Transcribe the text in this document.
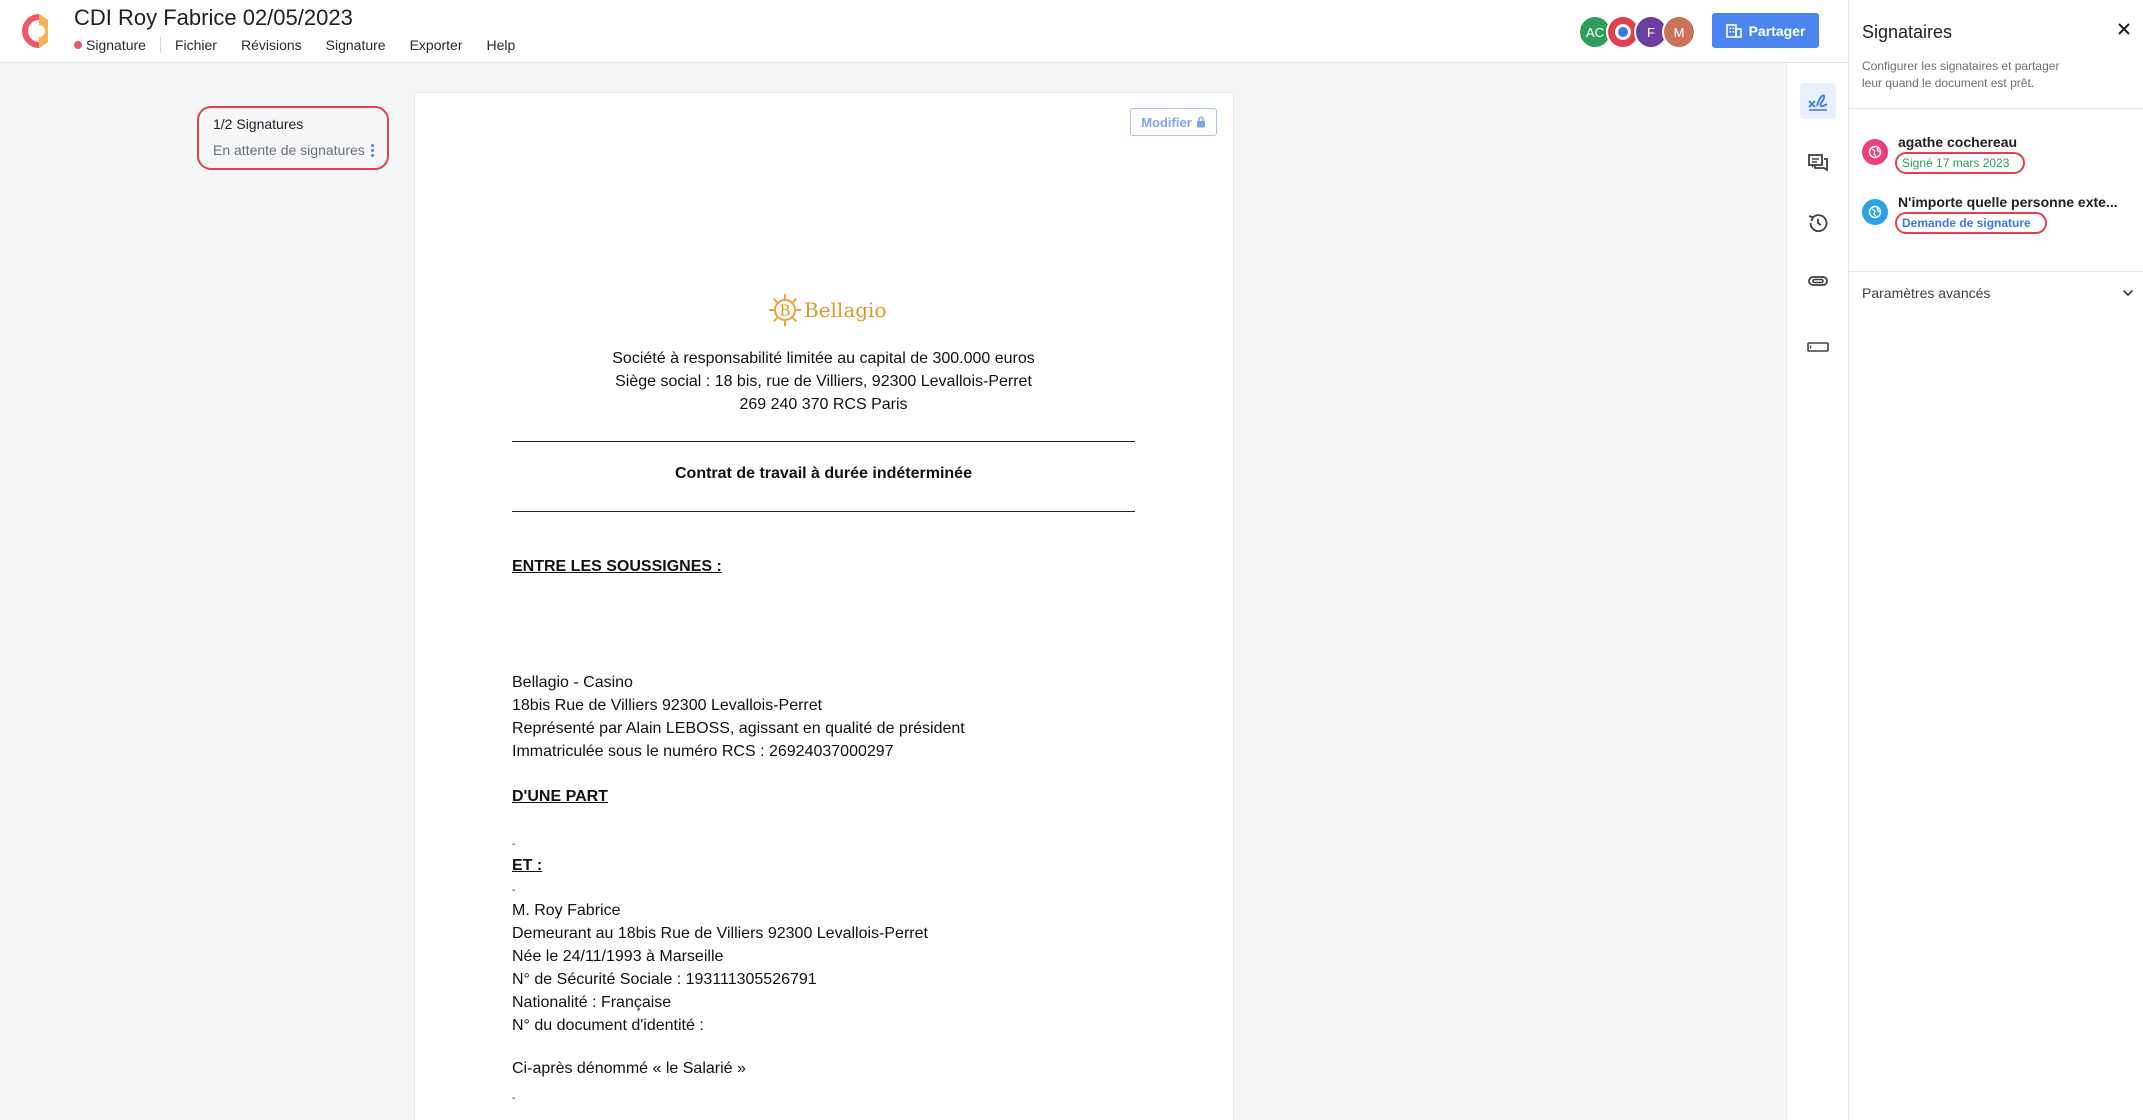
CDI Roy Fabrice 02/05/2023
Signature Fichier Révisions Signature Exporter Help
AC	F	M	Partager
1/2 Signatures
En attente de signatures
Modifier
B Bellagio
Société à responsabilité limitée au capital de 300.000 euros
Siège social : 18 bis, rue de Villiers, 92300 Levallois-Perret
269 240 370 RCS Paris
Contrat de travail à durée indéterminée
ENTRE LES SOUSSIGNES :
Bellagio - Casino
18bis Rue de Villiers 92300 Levallois-Perret
Représenté par Alain LEBOSS, agissant en qualité de président
Immatriculée sous le numéro RCS : 26924037000297
D'UNE PART
-
ET :
-
M. Roy Fabrice
Demeurant au 18bis Rue de Villiers 92300 Levallois-Perret
Née le 24/11/1993 à Marseille
N° de Sécurité Sociale : 193111305526791
Nationalité : Française
N° du document d'identité :
Ci-après dénommé « le Salarié »
-
Signataires
Configurer les signataires et partager leur quand le document est prêt.
agathe cochereau
Signé 17 mars 2023
N'importe quelle personne exte...
Demande de signature
Paramètres avancés
